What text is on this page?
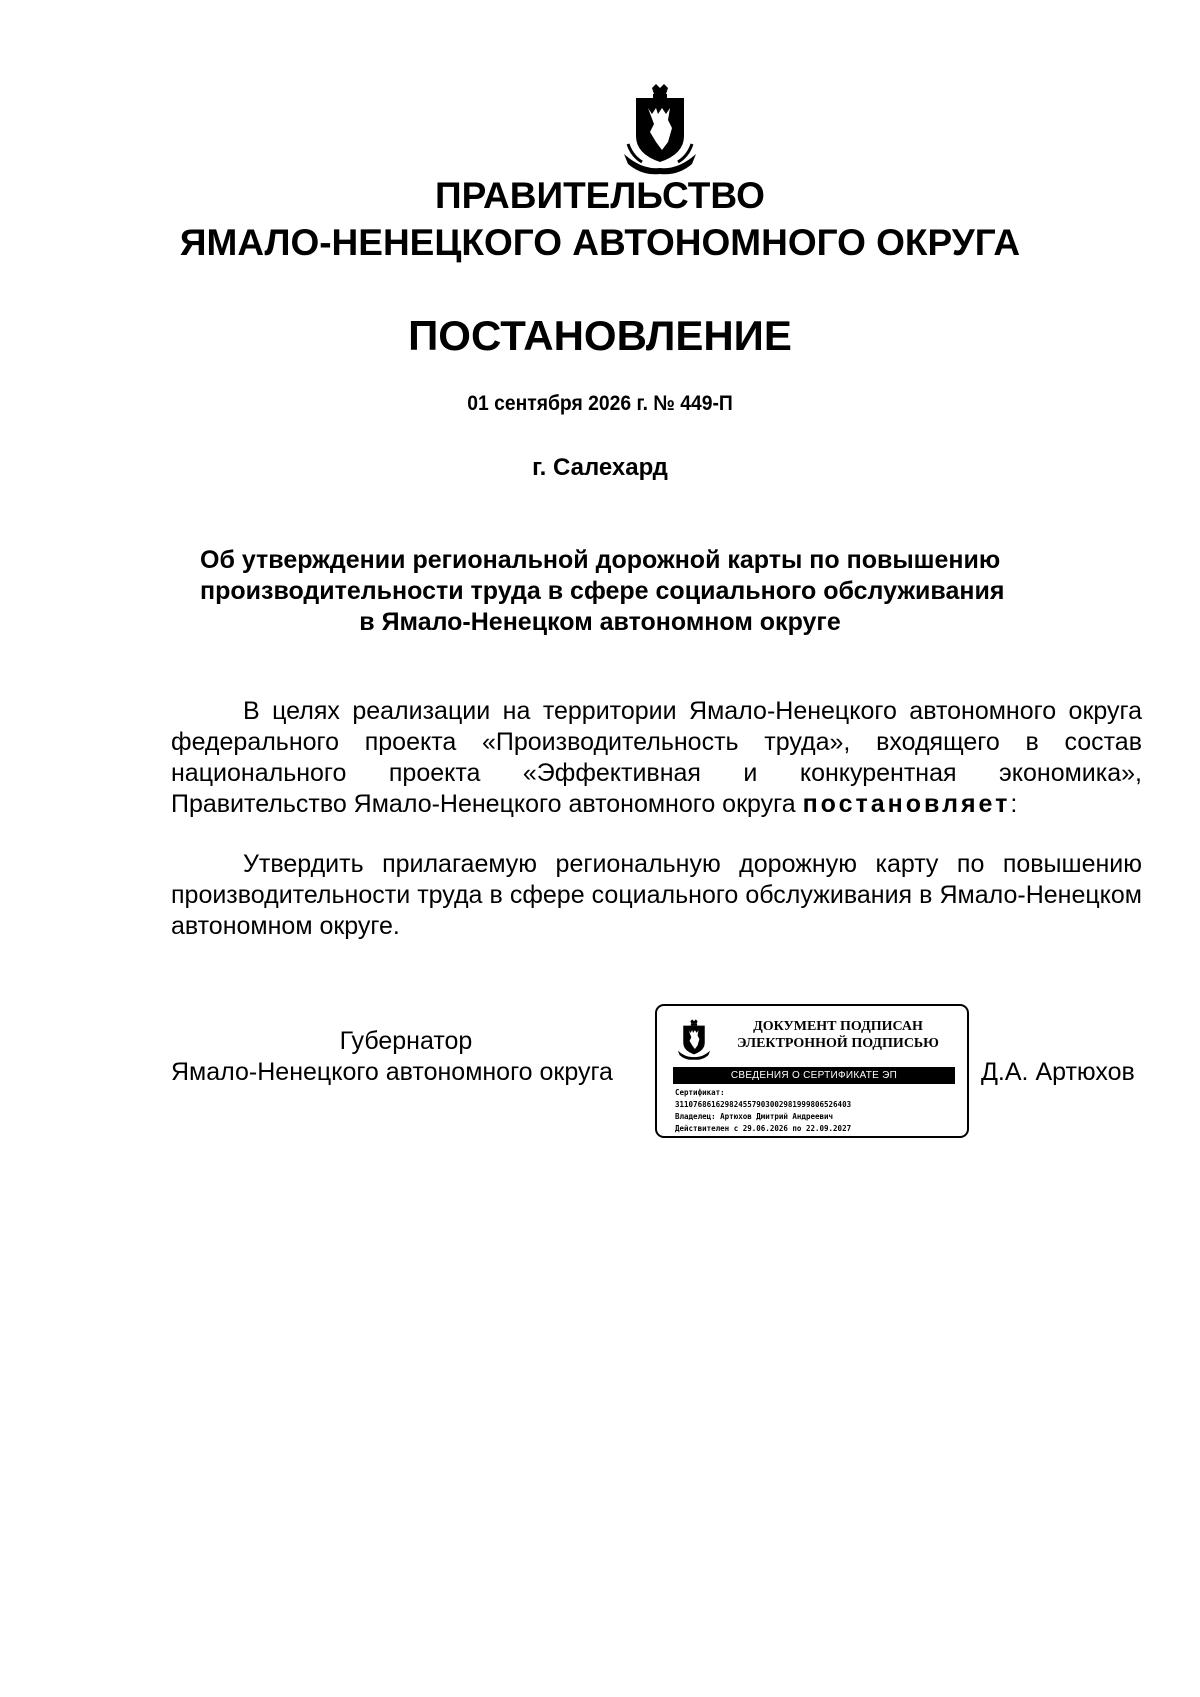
ПРАВИТЕЛЬСТВО
ЯМАЛО-НЕНЕЦКОГО АВТОНОМНОГО ОКРУГА
ПОСТАНОВЛЕНИЕ
01 сентября 2026 г. № 449-П
г. Салехард
Об утверждении региональной дорожной карты по повышению
производительности труда в сфере социального обслуживания
в Ямало-Ненецком автономном округе

В целях реализации на территории Ямало-Ненецкого автономного округа федерального проекта «Производительность труда», входящего в состав национального проекта «Эффективная и конкурентная экономика», Правительство Ямало-Ненецкого автономного округа постановляет:

Утвердить прилагаемую региональную дорожную карту по повышению производительности труда в сфере социального обслуживания в Ямало-Ненецком автономном округе.

Губернатор
Ямало-Ненецкого автономного округа
ДОКУМЕНТ ПОДПИСАН
ЭЛЕКТРОННОЙ ПОДПИСЬЮ
СВЕДЕНИЯ О СЕРТИФИКАТЕ ЭП
Сертификат:
31107686162982455790300298199980652640З
Владелец: Артюхов Дмитрий Андреевич
Действителен с 29.06.2026 по 22.09.2027
Д.А. Артюхов
